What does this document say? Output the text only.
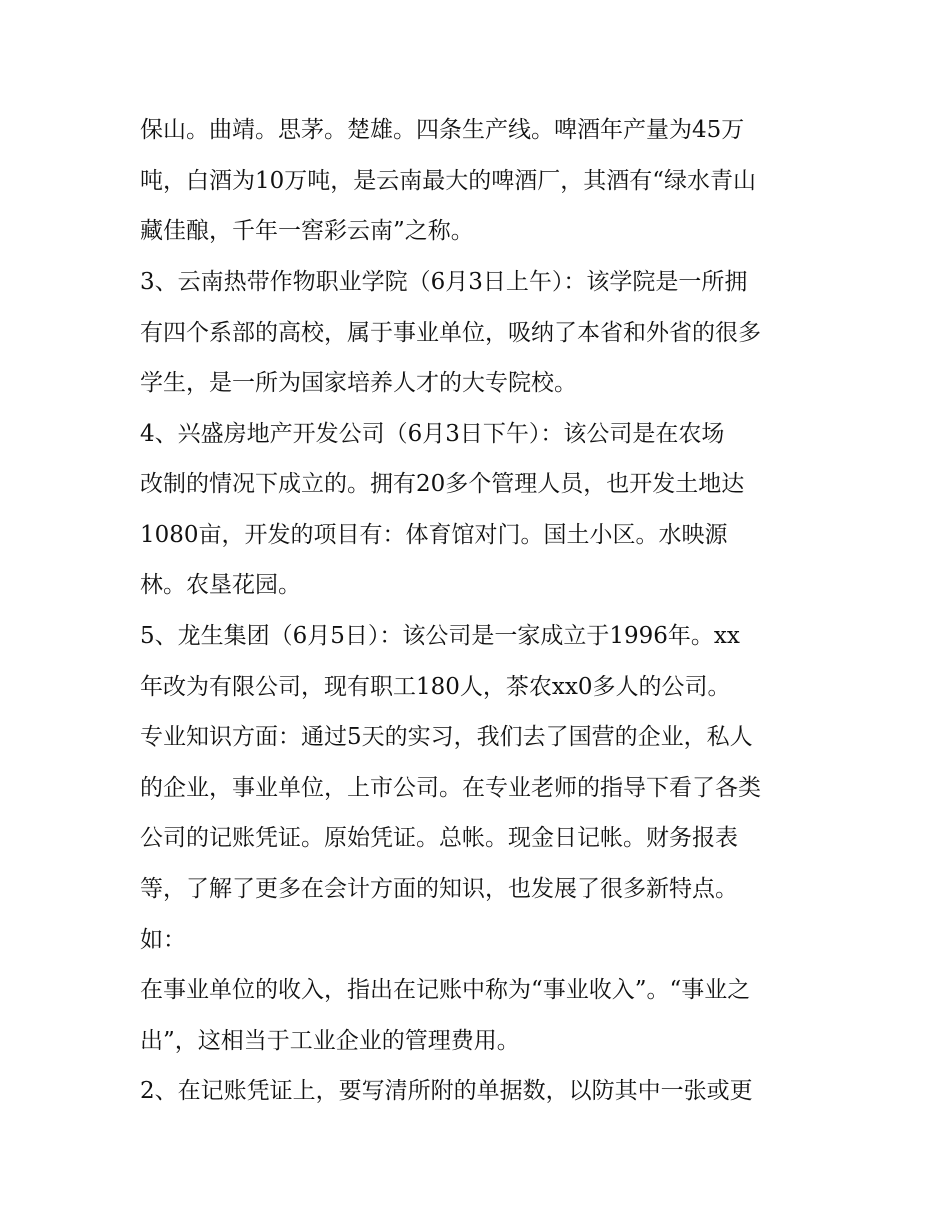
保山。曲靖。思茅。楚雄。四条生产线。啤酒年产量为45万
吨，白酒为10万吨，是云南最大的啤酒厂，其酒有“绿水青山
藏佳酿，千年一窖彩云南”之称。
3、云南热带作物职业学院（6月3日上午）：该学院是一所拥
有四个系部的高校，属于事业单位，吸纳了本省和外省的很多
学生，是一所为国家培养人才的大专院校。
4、兴盛房地产开发公司（6月3日下午）：该公司是在农场
改制的情况下成立的。拥有20多个管理人员，也开发土地达
1080亩，开发的项目有：体育馆对门。国土小区。水映源
林。农垦花园。
5、龙生集团（6月5日）：该公司是一家成立于1996年。xx
年改为有限公司，现有职工180人，茶农xx0多人的公司。
专业知识方面：通过5天的实习，我们去了国营的企业，私人
的企业，事业单位，上市公司。在专业老师的指导下看了各类
公司的记账凭证。原始凭证。总帐。现金日记帐。财务报表
等，了解了更多在会计方面的知识，也发展了很多新特点。
如：
在事业单位的收入，指出在记账中称为“事业收入”。“事业之
出”，这相当于工业企业的管理费用。
2、在记账凭证上，要写清所附的单据数，以防其中一张或更
